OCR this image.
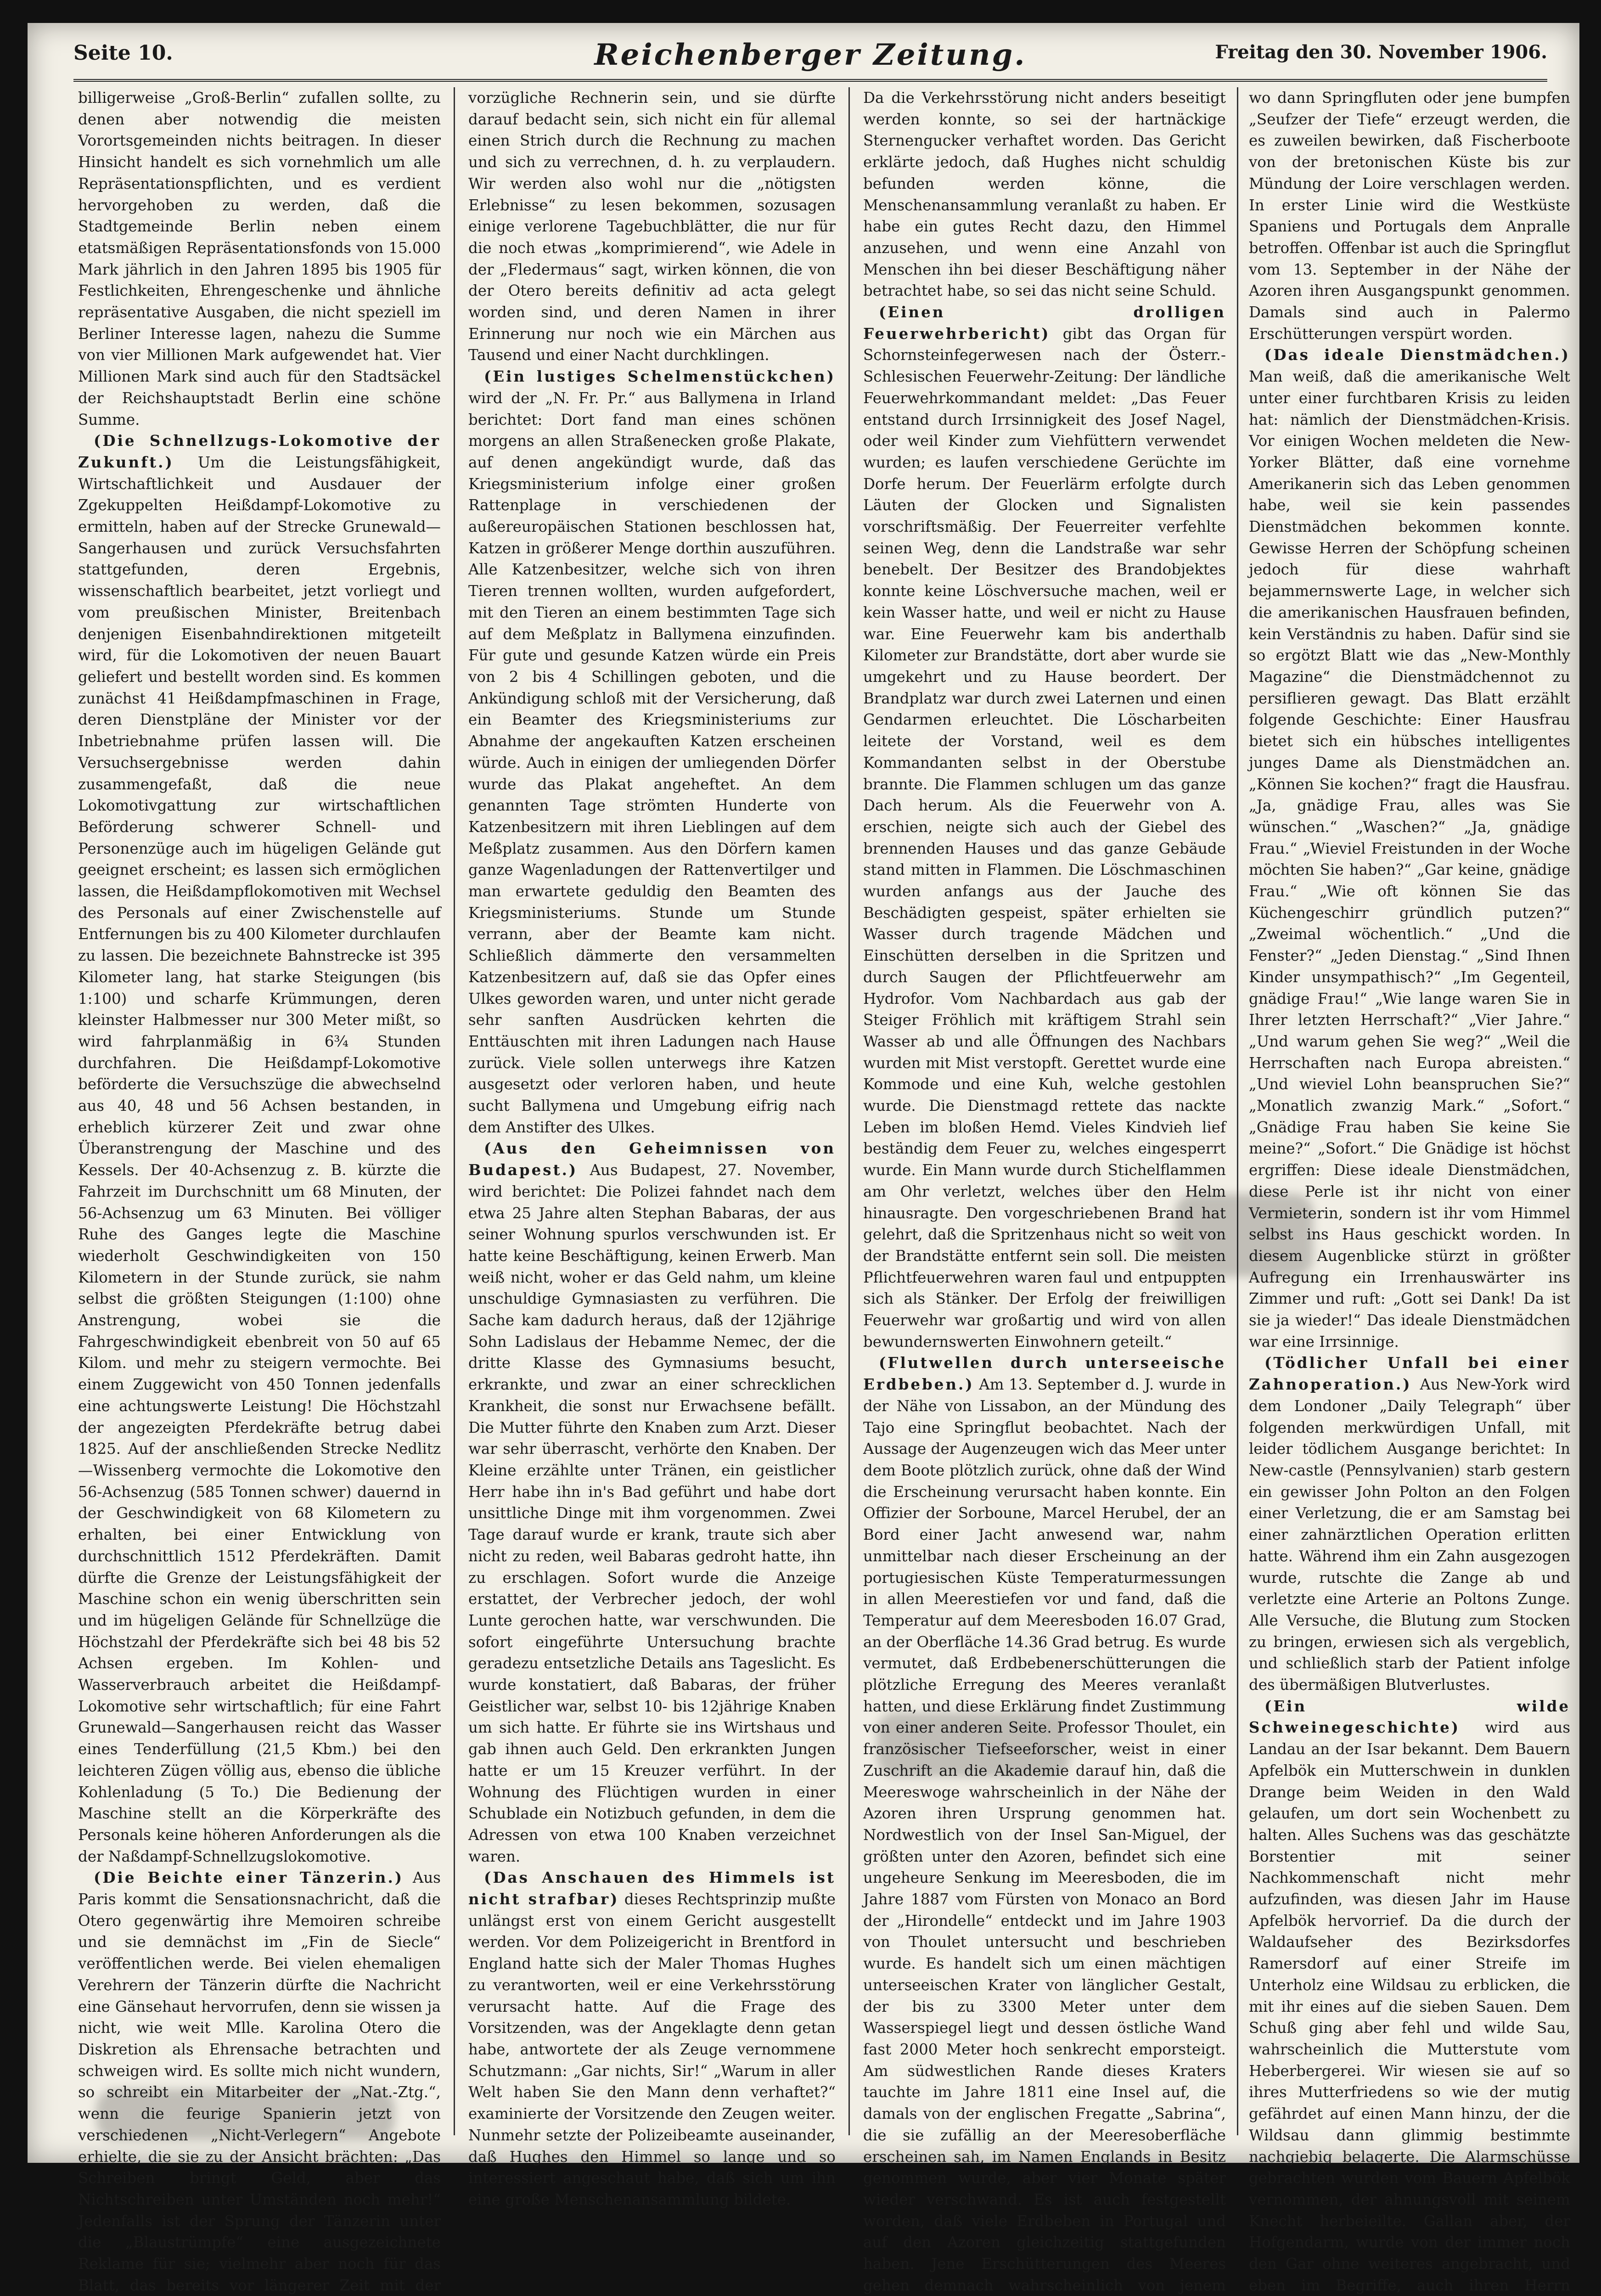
Seite 10.	Reichenberger Zeitung.	Freitag den 30. November 1906.

billigerweise „Groß-Berlin“ zufallen sollte, zu denen aber notwendig die meisten Vorortsgemeinden nichts beitragen. In dieser Hinsicht handelt es sich vornehmlich um alle Repräsentationspflichten, und es verdient hervorgehoben zu werden, daß die Stadtgemeinde Berlin neben einem etatsmäßigen Repräsentationsfonds von 15.000 Mark jährlich in den Jahren 1895 bis 1905 für Festlichkeiten, Ehrengeschenke und ähnliche repräsentative Ausgaben, die nicht speziell im Berliner Interesse lagen, nahezu die Summe von vier Millionen Mark aufgewendet hat. Vier Millionen Mark sind auch für den Stadtsäckel der Reichshauptstadt Berlin eine schöne Summe.

(Die Schnellzugs-Lokomotive der Zukunft.) Um die Leistungsfähigkeit, Wirtschaftlichkeit und Ausdauer der Zgekuppelten Heißdampf-Lokomotive zu ermitteln, haben auf der Strecke Grunewald—Sangerhausen und zurück Versuchsfahrten stattgefunden, deren Ergebnis, wissenschaftlich bearbeitet, jetzt vorliegt und vom preußischen Minister, Breitenbach denjenigen Eisenbahndirektionen mitgeteilt wird, für die Lokomotiven der neuen Bauart geliefert und bestellt worden sind. Es kommen zunächst 41 Heißdampfmaschinen in Frage, deren Dienstpläne der Minister vor der Inbetriebnahme prüfen lassen will. Die Versuchsergebnisse werden dahin zusammengefaßt, daß die neue Lokomotivgattung zur wirtschaftlichen Beförderung schwerer Schnell- und Personenzüge auch im hügeligen Gelände gut geeignet erscheint; es lassen sich ermöglichen lassen, die Heißdampflokomotiven mit Wechsel des Personals auf einer Zwischenstelle auf Entfernungen bis zu 400 Kilometer durchlaufen zu lassen. Die bezeichnete Bahnstrecke ist 395 Kilometer lang, hat starke Steigungen (bis 1:100) und scharfe Krümmungen, deren kleinster Halbmesser nur 300 Meter mißt, so wird fahrplanmäßig in 6¾ Stunden durchfahren. Die Heißdampf-Lokomotive beförderte die Versuchszüge die abwechselnd aus 40, 48 und 56 Achsen bestanden, in erheblich kürzerer Zeit und zwar ohne Überanstrengung der Maschine und des Kessels. Der 40-Achsenzug z. B. kürzte die Fahrzeit im Durchschnitt um 68 Minuten, der 56-Achsenzug um 63 Minuten. Bei völliger Ruhe des Ganges legte die Maschine wiederholt Geschwindigkeiten von 150 Kilometern in der Stunde zurück, sie nahm selbst die größten Steigungen (1:100) ohne Anstrengung, wobei sie die Fahrgeschwindigkeit ebenbreit von 50 auf 65 Kilom. und mehr zu steigern vermochte. Bei einem Zuggewicht von 450 Tonnen jedenfalls eine achtungswerte Leistung! Die Höchstzahl der angezeigten Pferdekräfte betrug dabei 1825. Auf der anschließenden Strecke Nedlitz—Wissenberg vermochte die Lokomotive den 56-Achsenzug (585 Tonnen schwer) dauernd in der Geschwindigkeit von 68 Kilometern zu erhalten, bei einer Entwicklung von durchschnittlich 1512 Pferdekräften. Damit dürfte die Grenze der Leistungsfähigkeit der Maschine schon ein wenig überschritten sein und im hügeligen Gelände für Schnellzüge die Höchstzahl der Pferdekräfte sich bei 48 bis 52 Achsen ergeben. Im Kohlen- und Wasserverbrauch arbeitet die Heißdampf-Lokomotive sehr wirtschaftlich; für eine Fahrt Grunewald—Sangerhausen reicht das Wasser eines Tenderfüllung (21,5 Kbm.) bei den leichteren Zügen völlig aus, ebenso die übliche Kohlenladung (5 To.) Die Bedienung der Maschine stellt an die Körperkräfte des Personals keine höheren Anforderungen als die der Naßdampf-Schnellzugslokomotive.

(Die Beichte einer Tänzerin.) Aus Paris kommt die Sensationsnachricht, daß die Otero gegenwärtig ihre Memoiren schreibe und sie demnächst im „Fin de Siecle“ veröffentlichen werde. Bei vielen ehemaligen Verehrern der Tänzerin dürfte die Nachricht eine Gänsehaut hervorrufen, denn sie wissen ja nicht, wie weit Mlle. Karolina Otero die Diskretion als Ehrensache betrachten und schweigen wird. Es sollte mich nicht wundern, so schreibt ein Mitarbeiter der „Nat.-Ztg.“, wenn die feurige Spanierin jetzt von verschiedenen „Nicht-Verlegern“ Angebote erhielte, die sie zu der Ansicht brächten: „Das Schreiben bringt Geld, aber das Nichtschreiben unter Umständen noch mehr!“ Jedenfalls ist der Sprung der Tänzerin unter die „Blaustrümpfe“ eine ausgezeichnete Reklame für sie; vielmehr aber noch für das Blatt, das bereits vor längerer Zeit mit der

vorzügliche Rechnerin sein, und sie dürfte darauf bedacht sein, sich nicht ein für allemal einen Strich durch die Rechnung zu machen und sich zu verrechnen, d. h. zu verplaudern. Wir werden also wohl nur die „nötigsten Erlebnisse“ zu lesen bekommen, sozusagen einige verlorene Tagebuchblätter, die nur für die noch etwas „komprimierend“, wie Adele in der „Fledermaus“ sagt, wirken können, die von der Otero bereits definitiv ad acta gelegt worden sind, und deren Namen in ihrer Erinnerung nur noch wie ein Märchen aus Tausend und einer Nacht durchklingen.

(Ein lustiges Schelmenstückchen) wird der „N. Fr. Pr.“ aus Ballymena in Irland berichtet: Dort fand man eines schönen morgens an allen Straßenecken große Plakate, auf denen angekündigt wurde, daß das Kriegsministerium infolge einer großen Rattenplage in verschiedenen der außereuropäischen Stationen beschlossen hat, Katzen in größerer Menge dorthin auszuführen. Alle Katzenbesitzer, welche sich von ihren Tieren trennen wollten, wurden aufgefordert, mit den Tieren an einem bestimmten Tage sich auf dem Meßplatz in Ballymena einzufinden. Für gute und gesunde Katzen würde ein Preis von 2 bis 4 Schillingen geboten, und die Ankündigung schloß mit der Versicherung, daß ein Beamter des Kriegsministeriums zur Abnahme der angekauften Katzen erscheinen würde. Auch in einigen der umliegenden Dörfer wurde das Plakat angeheftet. An dem genannten Tage strömten Hunderte von Katzenbesitzern mit ihren Lieblingen auf dem Meßplatz zusammen. Aus den Dörfern kamen ganze Wagenladungen der Rattenvertilger und man erwartete geduldig den Beamten des Kriegsministeriums. Stunde um Stunde verrann, aber der Beamte kam nicht. Schließlich dämmerte den versammelten Katzenbesitzern auf, daß sie das Opfer eines Ulkes geworden waren, und unter nicht gerade sehr sanften Ausdrücken kehrten die Enttäuschten mit ihren Ladungen nach Hause zurück. Viele sollen unterwegs ihre Katzen ausgesetzt oder verloren haben, und heute sucht Ballymena und Umgebung eifrig nach dem Anstifter des Ulkes.

(Aus den Geheimnissen von Budapest.) Aus Budapest, 27. November, wird berichtet: Die Polizei fahndet nach dem etwa 25 Jahre alten Stephan Babaras, der aus seiner Wohnung spurlos verschwunden ist. Er hatte keine Beschäftigung, keinen Erwerb. Man weiß nicht, woher er das Geld nahm, um kleine unschuldige Gymnasiasten zu verführen. Die Sache kam dadurch heraus, daß der 12jährige Sohn Ladislaus der Hebamme Nemec, der die dritte Klasse des Gymnasiums besucht, erkrankte, und zwar an einer schrecklichen Krankheit, die sonst nur Erwachsene befällt. Die Mutter führte den Knaben zum Arzt. Dieser war sehr überrascht, verhörte den Knaben. Der Kleine erzählte unter Tränen, ein geistlicher Herr habe ihn in's Bad geführt und habe dort unsittliche Dinge mit ihm vorgenommen. Zwei Tage darauf wurde er krank, traute sich aber nicht zu reden, weil Babaras gedroht hatte, ihn zu erschlagen. Sofort wurde die Anzeige erstattet, der Verbrecher jedoch, der wohl Lunte gerochen hatte, war verschwunden. Die sofort eingeführte Untersuchung brachte geradezu entsetzliche Details ans Tageslicht. Es wurde konstatiert, daß Babaras, der früher Geistlicher war, selbst 10- bis 12jährige Knaben um sich hatte. Er führte sie ins Wirtshaus und gab ihnen auch Geld. Den erkrankten Jungen hatte er um 15 Kreuzer verführt. In der Wohnung des Flüchtigen wurden in einer Schublade ein Notizbuch gefunden, in dem die Adressen von etwa 100 Knaben verzeichnet waren.

(Das Anschauen des Himmels ist nicht strafbar) dieses Rechtsprinzip mußte unlängst erst von einem Gericht ausgestellt werden. Vor dem Polizeigericht in Brentford in England hatte sich der Maler Thomas Hughes zu verantworten, weil er eine Verkehrsstörung verursacht hatte. Auf die Frage des Vorsitzenden, was der Angeklagte denn getan habe, antwortete der als Zeuge vernommene Schutzmann: „Gar nichts, Sir!“ „Warum in aller Welt haben Sie den Mann denn verhaftet?“ examinierte der Vorsitzende den Zeugen weiter. Nunmehr setzte der Polizeibeamte auseinander, daß Hughes den Himmel so lange und so interessiert angeschaut habe, daß sich um ihn eine große Menschenansammlung bildete.

Da die Verkehrsstörung nicht anders beseitigt werden konnte, so sei der hartnäckige Sternengucker verhaftet worden. Das Gericht erklärte jedoch, daß Hughes nicht schuldig befunden werden könne, die Menschenansammlung veranlaßt zu haben. Er habe ein gutes Recht dazu, den Himmel anzusehen, und wenn eine Anzahl von Menschen ihn bei dieser Beschäftigung näher betrachtet habe, so sei das nicht seine Schuld.

(Einen drolligen Feuerwehrbericht) gibt das Organ für Schornsteinfegerwesen nach der Österr.-Schlesischen Feuerwehr-Zeitung: Der ländliche Feuerwehrkommandant meldet: „Das Feuer entstand durch Irrsinnigkeit des Josef Nagel, oder weil Kinder zum Viehfüttern verwendet wurden; es laufen verschiedene Gerüchte im Dorfe herum. Der Feuerlärm erfolgte durch Läuten der Glocken und Signalisten vorschriftsmäßig. Der Feuerreiter verfehlte seinen Weg, denn die Landstraße war sehr benebelt. Der Besitzer des Brandobjektes konnte keine Löschversuche machen, weil er kein Wasser hatte, und weil er nicht zu Hause war. Eine Feuerwehr kam bis anderthalb Kilometer zur Brandstätte, dort aber wurde sie umgekehrt und zu Hause beordert. Der Brandplatz war durch zwei Laternen und einen Gendarmen erleuchtet. Die Löscharbeiten leitete der Vorstand, weil es dem Kommandanten selbst in der Oberstube brannte. Die Flammen schlugen um das ganze Dach herum. Als die Feuerwehr von A. erschien, neigte sich auch der Giebel des brennenden Hauses und das ganze Gebäude stand mitten in Flammen. Die Löschmaschinen wurden anfangs aus der Jauche des Beschädigten gespeist, später erhielten sie Wasser durch tragende Mädchen und Einschütten derselben in die Spritzen und durch Saugen der Pflichtfeuerwehr am Hydrofor. Vom Nachbardach aus gab der Steiger Fröhlich mit kräftigem Strahl sein Wasser ab und alle Öffnungen des Nachbars wurden mit Mist verstopft. Gerettet wurde eine Kommode und eine Kuh, welche gestohlen wurde. Die Dienstmagd rettete das nackte Leben im bloßen Hemd. Vieles Kindvieh lief beständig dem Feuer zu, welches eingesperrt wurde. Ein Mann wurde durch Stichelflammen am Ohr verletzt, welches über den Helm hinausragte. Den vorgeschriebenen Brand hat gelehrt, daß die Spritzenhaus nicht so weit von der Brandstätte entfernt sein soll. Die meisten Pflichtfeuerwehren waren faul und entpuppten sich als Stänker. Der Erfolg der freiwilligen Feuerwehr war großartig und wird von allen bewundernswerten Einwohnern geteilt.“

(Flutwellen durch unterseeische Erdbeben.) Am 13. September d. J. wurde in der Nähe von Lissabon, an der Mündung des Tajo eine Springflut beobachtet. Nach der Aussage der Augenzeugen wich das Meer unter dem Boote plötzlich zurück, ohne daß der Wind die Erscheinung verursacht haben konnte. Ein Offizier der Sorboune, Marcel Herubel, der an Bord einer Jacht anwesend war, nahm unmittelbar nach dieser Erscheinung an der portugiesischen Küste Temperaturmessungen in allen Meerestiefen vor und fand, daß die Temperatur auf dem Meeresboden 16.07 Grad, an der Oberfläche 14.36 Grad betrug. Es wurde vermutet, daß Erdbebenerschütterungen die plötzliche Erregung des Meeres veranlaßt hatten, und diese Erklärung findet Zustimmung von einer anderen Seite. Professor Thoulet, ein französischer Tiefseeforscher, weist in einer Zuschrift an die Akademie darauf hin, daß die Meereswoge wahrscheinlich in der Nähe der Azoren ihren Ursprung genommen hat. Nordwestlich von der Insel San-Miguel, der größten unter den Azoren, befindet sich eine ungeheure Senkung im Meeresboden, die im Jahre 1887 vom Fürsten von Monaco an Bord der „Hirondelle“ entdeckt und im Jahre 1903 von Thoulet untersucht und beschrieben wurde. Es handelt sich um einen mächtigen unterseeischen Krater von länglicher Gestalt, der bis zu 3300 Meter unter dem Wasserspiegel liegt und dessen östliche Wand fast 2000 Meter hoch senkrecht emporsteigt. Am südwestlichen Rande dieses Kraters tauchte im Jahre 1811 eine Insel auf, die damals von der englischen Fregatte „Sabrina“, die sie zufällig an der Meeresoberfläche erscheinen sah, im Namen Englands in Besitz genommen wurde, aber vier Monate später wieder verschwand. Es ist auch festgestellt worden, daß viele Erdbeben in Portugal und auf den Azoren gleichzeitig stattgefunden haben. Jene Erschütterungen des Meeres gehen demnach wahrscheinlich von jenem

wo dann Springfluten oder jene bumpfen „Seufzer der Tiefe“ erzeugt werden, die es zuweilen bewirken, daß Fischerboote von der bretonischen Küste bis zur Mündung der Loire verschlagen werden. In erster Linie wird die Westküste Spaniens und Portugals dem Anpralle betroffen. Offenbar ist auch die Springflut vom 13. September in der Nähe der Azoren ihren Ausgangspunkt genommen. Damals sind auch in Palermo Erschütterungen verspürt worden.

(Das ideale Dienstmädchen.) Man weiß, daß die amerikanische Welt unter einer furchtbaren Krisis zu leiden hat: nämlich der Dienstmädchen-Krisis. Vor einigen Wochen meldeten die New-Yorker Blätter, daß eine vornehme Amerikanerin sich das Leben genommen habe, weil sie kein passendes Dienstmädchen bekommen konnte. Gewisse Herren der Schöpfung scheinen jedoch für diese wahrhaft bejammernswerte Lage, in welcher sich die amerikanischen Hausfrauen befinden, kein Verständnis zu haben. Dafür sind sie so ergötzt Blatt wie das „New-Monthly Magazine“ die Dienstmädchennot zu persiflieren gewagt. Das Blatt erzählt folgende Geschichte: Einer Hausfrau bietet sich ein hübsches intelligentes junges Dame als Dienstmädchen an. „Können Sie kochen?“ fragt die Hausfrau. „Ja, gnädige Frau, alles was Sie wünschen.“ „Waschen?“ „Ja, gnädige Frau.“ „Wieviel Freistunden in der Woche möchten Sie haben?“ „Gar keine, gnädige Frau.“ „Wie oft können Sie das Küchengeschirr gründlich putzen?“ „Zweimal wöchentlich.“ „Und die Fenster?“ „Jeden Dienstag.“ „Sind Ihnen Kinder unsympathisch?“ „Im Gegenteil, gnädige Frau!“ „Wie lange waren Sie in Ihrer letzten Herrschaft?“ „Vier Jahre.“ „Und warum gehen Sie weg?“ „Weil die Herrschaften nach Europa abreisten.“ „Und wieviel Lohn beanspruchen Sie?“ „Monatlich zwanzig Mark.“ „Sofort.“ „Gnädige Frau haben Sie keine Sie meine?“ „Sofort.“ Die Gnädige ist höchst ergriffen: Diese ideale Dienstmädchen, diese Perle ist ihr nicht von einer Vermieterin, sondern ist ihr vom Himmel selbst ins Haus geschickt worden. In diesem Augenblicke stürzt in größter Aufregung ein Irrenhauswärter ins Zimmer und ruft: „Gott sei Dank! Da ist sie ja wieder!“ Das ideale Dienstmädchen war eine Irrsinnige.

(Tödlicher Unfall bei einer Zahnoperation.) Aus New-York wird dem Londoner „Daily Telegraph“ über folgenden merkwürdigen Unfall, mit leider tödlichem Ausgange berichtet: In New-castle (Pennsylvanien) starb gestern ein gewisser John Polton an den Folgen einer Verletzung, die er am Samstag bei einer zahnärztlichen Operation erlitten hatte. Während ihm ein Zahn ausgezogen wurde, rutschte die Zange ab und verletzte eine Arterie an Poltons Zunge. Alle Versuche, die Blutung zum Stocken zu bringen, erwiesen sich als vergeblich, und schließlich starb der Patient infolge des übermäßigen Blutverlustes.

(Ein wilde Schweinegeschichte) wird aus Landau an der Isar bekannt. Dem Bauern Apfelbök ein Mutterschwein in dunklen Drange beim Weiden in den Wald gelaufen, um dort sein Wochenbett zu halten. Alles Suchens was das geschätzte Borstentier mit seiner Nachkommenschaft nicht mehr aufzufinden, was diesen Jahr im Hause Apfelbök hervorrief. Da die durch der Waldaufseher des Bezirksdorfes Ramersdorf auf einer Streife im Unterholz eine Wildsau zu erblicken, die mit ihr eines auf die sieben Sauen. Dem Schuß ging aber fehl und wilde Sau, wahrscheinlich die Mutterstute vom Heberbergerei. Wir wiesen sie auf so ihres Mutterfriedens so wie der mutig gefährdet auf einen Mann hinzu, der die Wildsau dann glimmig bestimmte nachgiebig belagerte. Die Alarmschüsse gebrachten wurden vom Bauern Apfelbök vernommen, der ahnungsvoll mit seinem Knecht herbeieilte. Gallan aber, der Hofgendarm, wurde von der immer noch den Gar ohne weiteres angebracht, und eben im Begriffe, auch ihren Herrn
